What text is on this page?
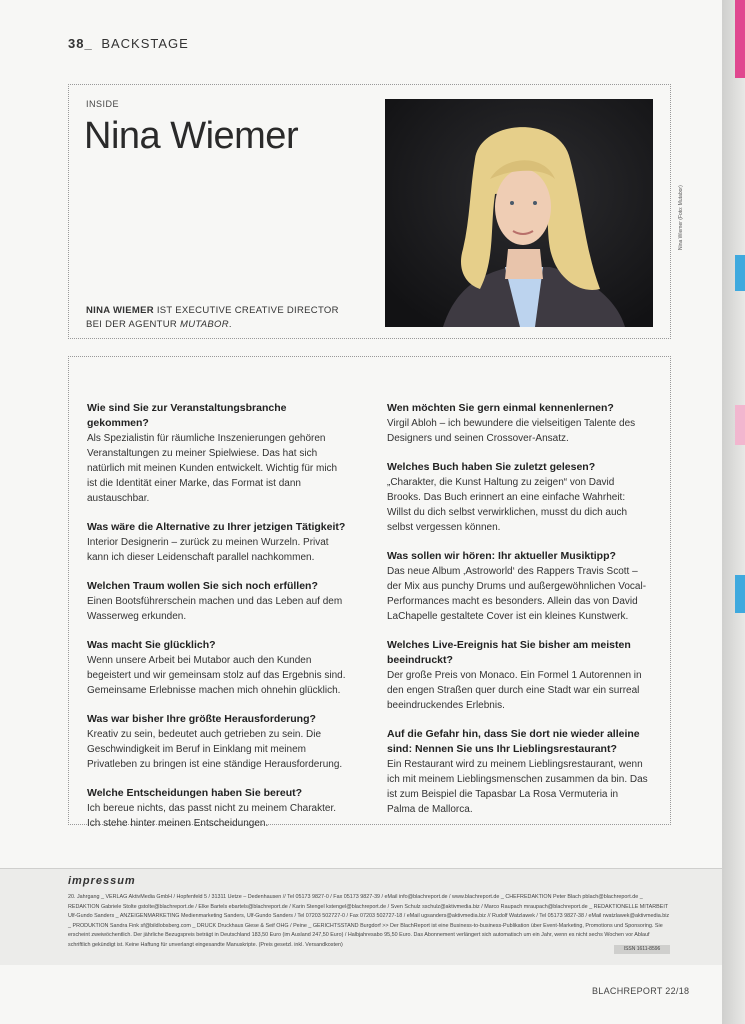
38_ BACKSTAGE
INSIDE
Nina Wiemer
NINA WIEMER IST EXECUTIVE CREATIVE DIRECTOR
BEI DER AGENTUR MUTABOR.
Nina Wiemer (Foto: Mutabor)
Wie sind Sie zur Veranstaltungsbranche gekommen?
Als Spezialistin für räumliche Inszenierungen gehören Veranstaltungen zu meiner Spielwiese. Das hat sich natürlich mit meinen Kunden entwickelt. Wichtig für mich ist die Identität einer Marke, das Format ist dann austauschbar.
Was wäre die Alternative zu Ihrer jetzigen Tätigkeit?
Interior Designerin – zurück zu meinen Wurzeln. Privat kann ich dieser Leidenschaft parallel nachkommen.
Welchen Traum wollen Sie sich noch erfüllen?
Einen Bootsführerschein machen und das Leben auf dem Wasserweg erkunden.
Was macht Sie glücklich?
Wenn unsere Arbeit bei Mutabor auch den Kunden begeistert und wir gemeinsam stolz auf das Ergebnis sind. Gemeinsame Erlebnisse machen mich ohnehin glücklich.
Was war bisher Ihre größte Herausforderung?
Kreativ zu sein, bedeutet auch getrieben zu sein. Die Geschwindigkeit im Beruf in Einklang mit meinem Privatleben zu bringen ist eine ständige Herausforderung.
Welche Entscheidungen haben Sie bereut?
Ich bereue nichts, das passt nicht zu meinem Charakter. Ich stehe hinter meinen Entscheidungen.
Wen möchten Sie gern einmal kennenlernen?
Virgil Abloh – ich bewundere die vielseitigen Talente des Designers und seinen Crossover-Ansatz.
Welches Buch haben Sie zuletzt gelesen?
„Charakter, die Kunst Haltung zu zeigen“ von David Brooks. Das Buch erinnert an eine einfache Wahrheit: Willst du dich selbst verwirklichen, musst du dich auch selbst vergessen können.
Was sollen wir hören: Ihr aktueller Musiktipp?
Das neue Album ‚Astroworld‘ des Rappers Travis Scott – der Mix aus punchy Drums und außergewöhnlichen Vocal-Performances macht es besonders. Allein das von David LaChapelle gestaltete Cover ist ein kleines Kunstwerk.
Welches Live-Ereignis hat Sie bisher am meisten beeindruckt?
Der große Preis von Monaco. Ein Formel 1 Autorennen in den engen Straßen quer durch eine Stadt war ein surreal beeindruckendes Erlebnis.
Auf die Gefahr hin, dass Sie dort nie wieder alleine sind: Nennen Sie uns Ihr Lieblingsrestaurant?
Ein Restaurant wird zu meinem Lieblingsrestaurant, wenn ich mit meinem Lieblingsmenschen zusammen da bin. Das ist zum Beispiel die Tapasbar La Rosa Vermuteria in Palma de Mallorca.
impressum
20. Jahrgang _ VERLAG AktivMedia GmbH / Hopfenfeld 5 / 31311 Uetze – Dedenhausen // Tel 05173 9827-0 / Fax 05173 9827-39 / eMail info@blachreport.de / www.blachreport.de _ CHEFREDAKTION Peter Blach pblach@blachreport.de _ REDAKTION Gabriele Stolte gstolte@blachreport.de / Elke Bartels ebartels@blachreport.de / Karin Stengel kstengel@blachreport.de / Sven Schulz sschulz@aktivmedia.biz / Marco Raupach mraupach@blachreport.de _ REDAKTIONELLE MITARBEIT Ulf-Gundo Sanders _ ANZEIGENMARKETING Medienmarketing Sanders, Ulf-Gundo Sanders / Tel 07203 502727-0 / Fax 07203 502727-18 / eMail ugsanders@aktivmedia.biz // Rudolf Watzlawek / Tel 05173 9827-38 / eMail rwatzlawek@aktivmedia.biz _ PRODUKTION Sandra Fink sf@bildlobsberg.com _ DRUCK Druckhaus Giese & Seif OHG / Peine _ GERICHTSSTAND Burgdorf >> Der BlachReport ist eine Business-to-business-Publikation über Event-Marketing, Promotions und Sponsoring. Sie erscheint zweiwöchentlich. Der jährliche Bezugspreis beträgt in Deutschland 183,50 Euro (im Ausland 247,50 Euro) / Halbjahresabo 95,50 Euro. Das Abonnement verlängert sich automatisch um ein Jahr, wenn es nicht sechs Wochen vor Ablauf schriftlich gekündigt ist. Keine Haftung für unverlangt eingesandte Manuskripte. (Preis gesetzl. inkl. Versandkosten)
ISSN 1611-8596
BLACHREPORT 22/18
